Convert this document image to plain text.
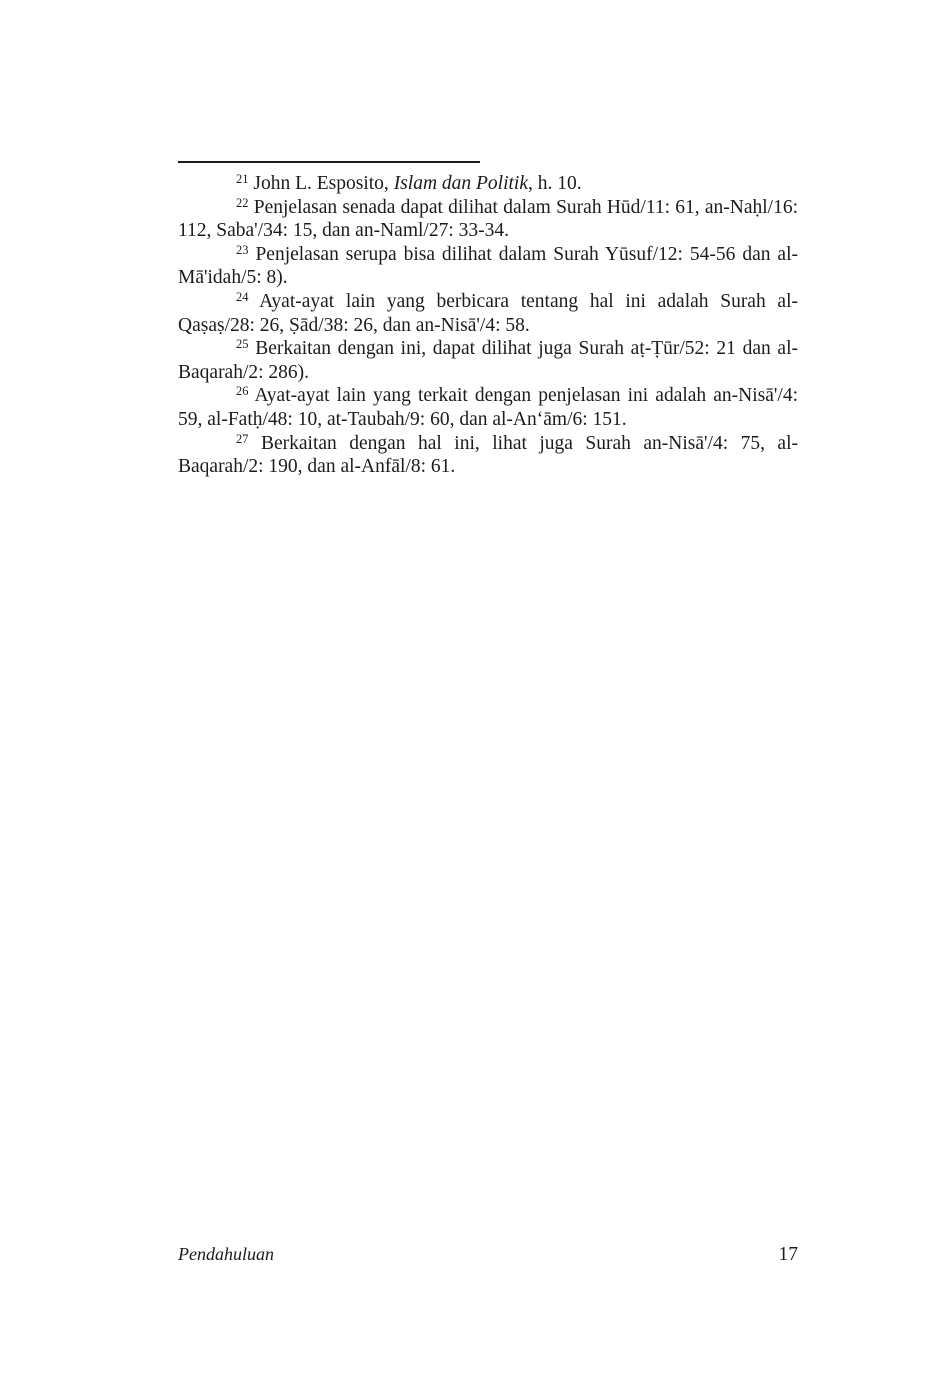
$^{21}$ John L. Esposito, Islam dan Politik, h. 10.

$^{22}$ Penjelasan senada dapat dilihat dalam Surah Hūd/11: 61, an-Naḥl/16: 112, Saba'/34: 15, dan an-Naml/27: 33-34.

$^{23}$ Penjelasan serupa bisa dilihat dalam Surah Yūsuf/12: 54-56 dan al-Mā'idah/5: 8).

$^{24}$ Ayat-ayat lain yang berbicara tentang hal ini adalah Surah al-Qaṣaṣ/28: 26, Ṣād/38: 26, dan an-Nisā'/4: 58.

$^{25}$ Berkaitan dengan ini, dapat dilihat juga Surah aṭ-Ṭūr/52: 21 dan al-Baqarah/2: 286).

$^{26}$ Ayat-ayat lain yang terkait dengan penjelasan ini adalah an-Nisā'/4: 59, al-Fatḥ/48: 10, at-Taubah/9: 60, dan al-Anʻām/6: 151.

$^{27}$ Berkaitan dengan hal ini, lihat juga Surah an-Nisā'/4: 75, al-Baqarah/2: 190, dan al-Anfāl/8: 61.

Pendahuluan	17
